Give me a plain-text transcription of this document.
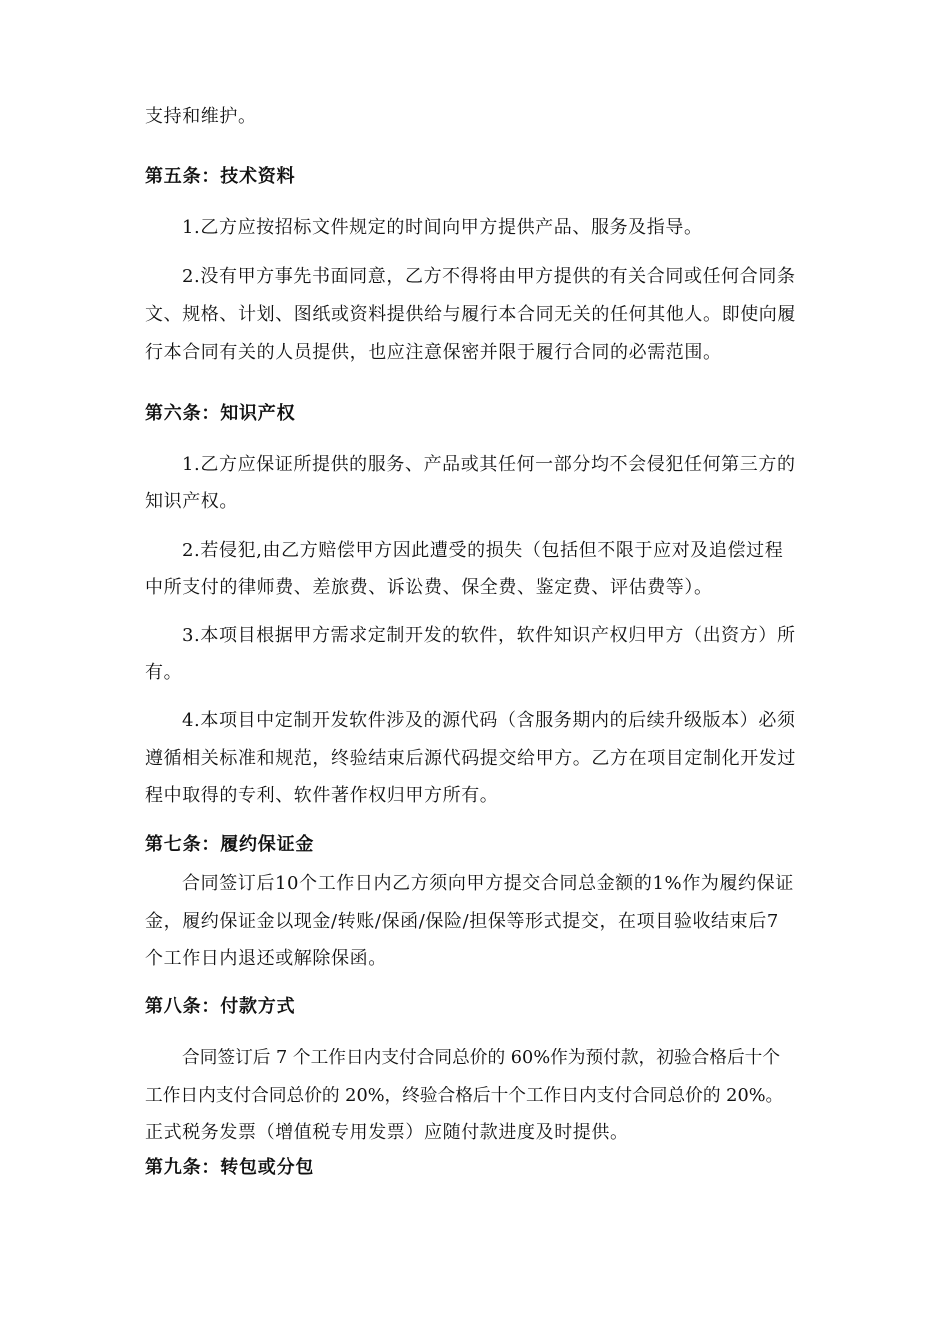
支持和维护。
第五条：技术资料
1.乙方应按招标文件规定的时间向甲方提供产品、服务及指导。
2.没有甲方事先书面同意，乙方不得将由甲方提供的有关合同或任何合同条
文、规格、计划、图纸或资料提供给与履行本合同无关的任何其他人。即使向履
行本合同有关的人员提供，也应注意保密并限于履行合同的必需范围。
第六条：知识产权
1.乙方应保证所提供的服务、产品或其任何一部分均不会侵犯任何第三方的
知识产权。
2.若侵犯,由乙方赔偿甲方因此遭受的损失（包括但不限于应对及追偿过程
中所支付的律师费、差旅费、诉讼费、保全费、鉴定费、评估费等）。
3.本项目根据甲方需求定制开发的软件，软件知识产权归甲方（出资方）所
有。
4.本项目中定制开发软件涉及的源代码（含服务期内的后续升级版本）必须
遵循相关标准和规范，终验结束后源代码提交给甲方。乙方在项目定制化开发过
程中取得的专利、软件著作权归甲方所有。
第七条：履约保证金
合同签订后10个工作日内乙方须向甲方提交合同总金额的1%作为履约保证
金，履约保证金以现金/转账/保函/保险/担保等形式提交，在项目验收结束后7
个工作日内退还或解除保函。
第八条：付款方式
合同签订后 7 个工作日内支付合同总价的 60%作为预付款，初验合格后十个
工作日内支付合同总价的 20%，终验合格后十个工作日内支付合同总价的 20%。
正式税务发票（增值税专用发票）应随付款进度及时提供。
第九条：转包或分包
